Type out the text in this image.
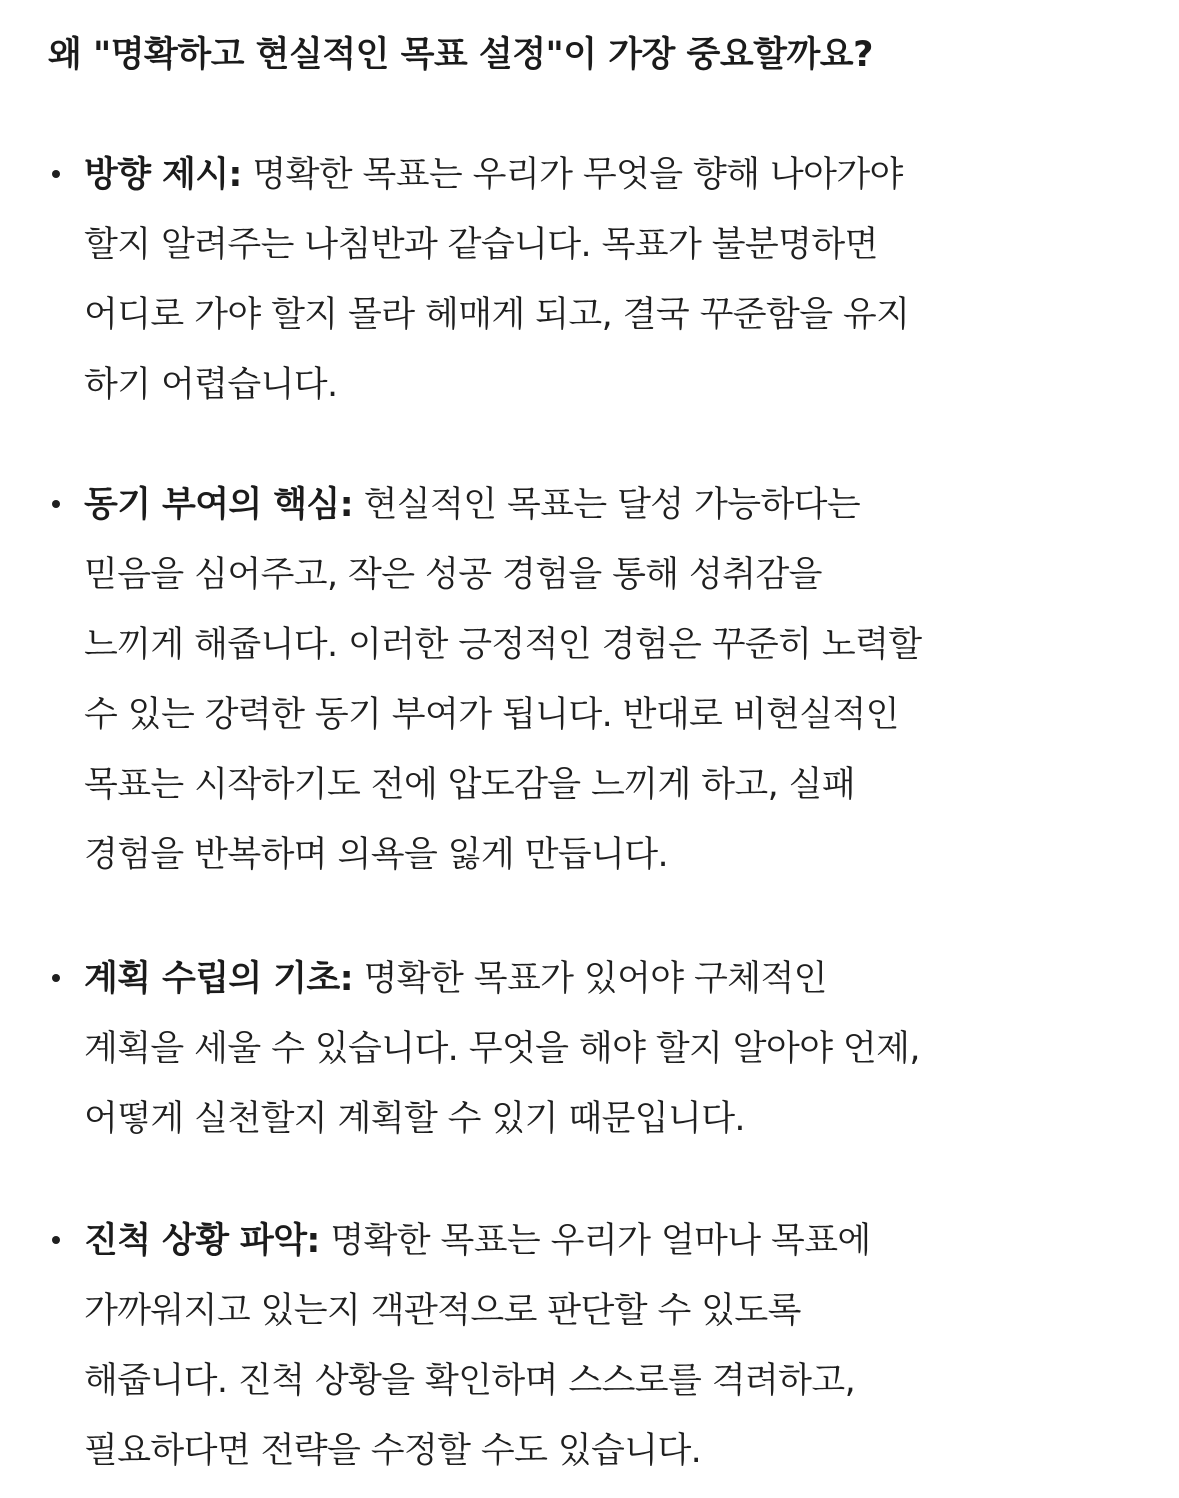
왜 "명확하고 현실적인 목표 설정"이 가장 중요할까요?
방향 제시: 명확한 목표는 우리가 무엇을 향해 나아가야
할지 알려주는 나침반과 같습니다. 목표가 불분명하면
어디로 가야 할지 몰라 헤매게 되고, 결국 꾸준함을 유지
하기 어렵습니다.
동기 부여의 핵심: 현실적인 목표는 달성 가능하다는
믿음을 심어주고, 작은 성공 경험을 통해 성취감을
느끼게 해줍니다. 이러한 긍정적인 경험은 꾸준히 노력할
수 있는 강력한 동기 부여가 됩니다. 반대로 비현실적인
목표는 시작하기도 전에 압도감을 느끼게 하고, 실패
경험을 반복하며 의욕을 잃게 만듭니다.
계획 수립의 기초: 명확한 목표가 있어야 구체적인
계획을 세울 수 있습니다. 무엇을 해야 할지 알아야 언제,
어떻게 실천할지 계획할 수 있기 때문입니다.
진척 상황 파악: 명확한 목표는 우리가 얼마나 목표에
가까워지고 있는지 객관적으로 판단할 수 있도록
해줍니다. 진척 상황을 확인하며 스스로를 격려하고,
필요하다면 전략을 수정할 수도 있습니다.
